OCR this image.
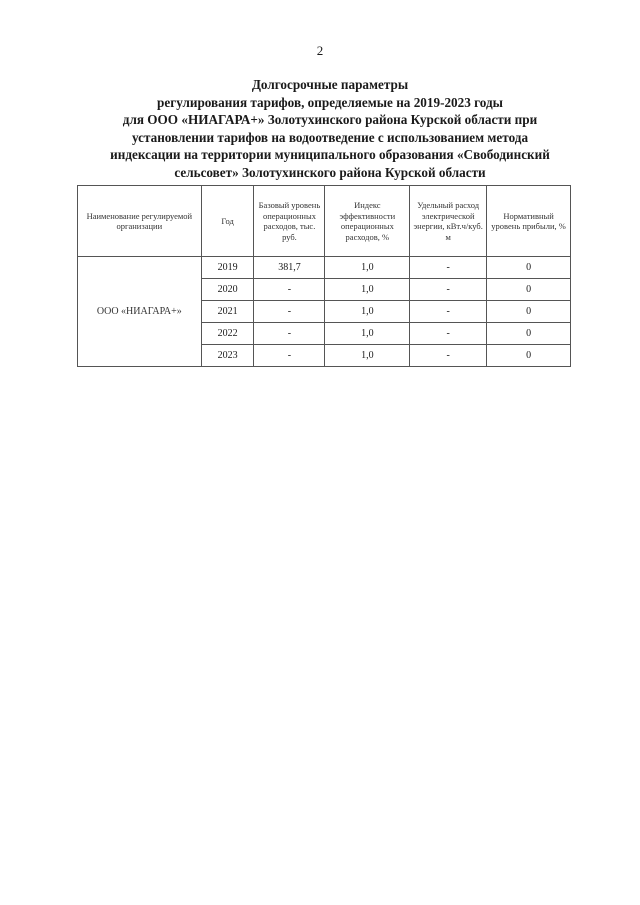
2
Долгосрочные параметры
регулирования тарифов, определяемые на 2019-2023 годы
для ООО «НИАГАРА+» Золотухинского района Курской области при
установлении тарифов на водоотведение с использованием метода
индексации на территории муниципального образования «Свободинский
сельсовет» Золотухинского района Курской области
Наименование регулируемой организации	Год	Базовый уровень операционных расходов, тыс. руб.	Индекс эффективности операционных расходов, %	Удельный расход электрической энергии, кВт.ч/куб. м	Нормативный уровень прибыли, %
ООО «НИАГАРА+»	2019	381,7	1,0	-	0
	2020	-	1,0	-	0
	2021	-	1,0	-	0
	2022	-	1,0	-	0
	2023	-	1,0	-	0
